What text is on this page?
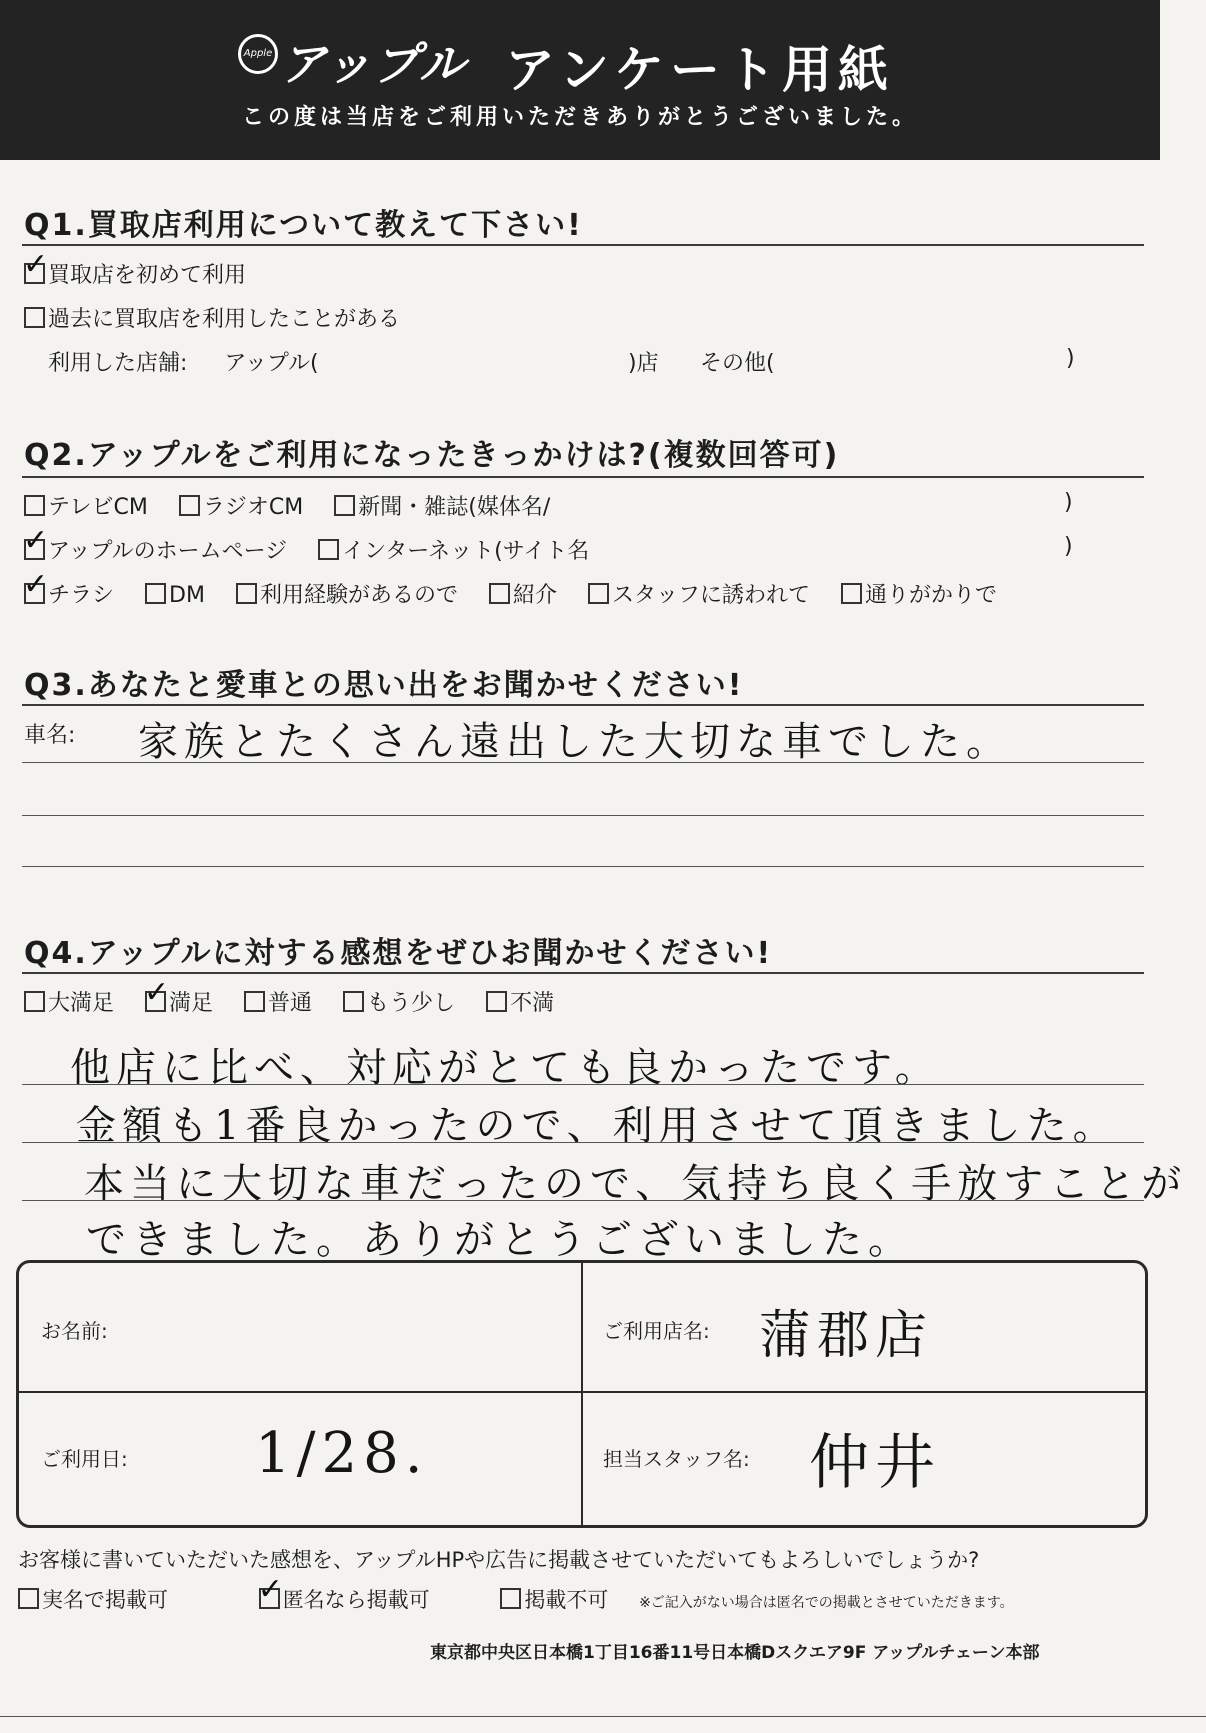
Apple アップル アンケート用紙
この度は当店をご利用いただきありがとうございました。
Q1.買取店利用について教えて下さい!
✓買取店を初めて利用
過去に買取店を利用したことがある
利用した店舗: アップル(	)店 その他(	)
Q2.アップルをご利用になったきっかけは?(複数回答可)
テレビCM	ラジオCM	新聞・雑誌(媒体名/	)
✓アップルのホームページ	インターネット(サイト名	)
✓チラシ	DM	利用経験があるので	紹介	スタッフに誘われて	通りがかりで
Q3.あなたと愛車との思い出をお聞かせください!
車名: 家族とたくさん遠出した大切な車でした。
Q4.アップルに対する感想をぜひお聞かせください!
大満足 ✓	満足	普通	もう少し	不満
他店に比べ、対応がとても良かったです。
金額も1番良かったので、利用させて頂きました。
本当に大切な車だったので、気持ち良く手放すことが
できました。ありがとうございました。
お名前:	ご利用店名: 蒲郡店
ご利用日: 1/28.	担当スタッフ名: 仲井
お客様に書いていただいた感想を、アップルHPや広告に掲載させていただいてもよろしいでしょうか?
実名で掲載可 ✓	匿名なら掲載可	掲載不可 ※ご記入がない場合は匿名での掲載とさせていただきます。
東京都中央区日本橋1丁目16番11号日本橋Dスクエア9F アップルチェーン本部
